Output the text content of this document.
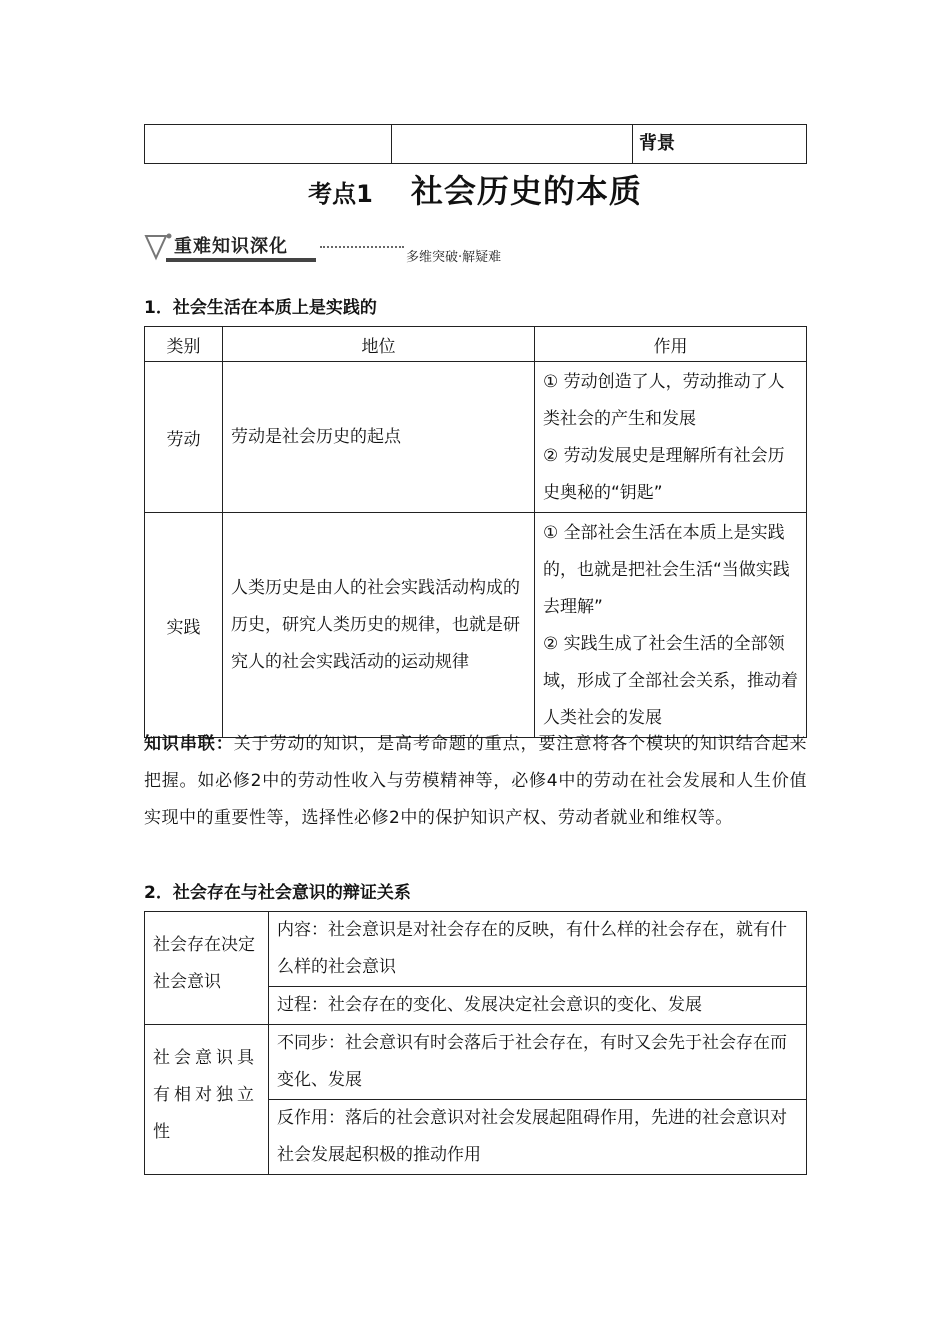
		背景
考点1 社会历史的本质
重难知识深化
多维突破·解疑难
1．社会生活在本质上是实践的
类别	地位	作用
劳动	劳动是社会历史的起点	① 劳动创造了人，劳动推动了人类社会的产生和发展
② 劳动发展史是理解所有社会历史奥秘的“钥匙”

实践	人类历史是由人的社会实践活动构成的历史，研究人类历史的规律，也就是研究人的社会实践活动的运动规律	① 全部社会生活在本质上是实践的，也就是把社会生活“当做实践去理解”
② 实践生成了社会生活的全部领域，形成了全部社会关系，推动着人类社会的发展
知识串联：关于劳动的知识，是高考命题的重点，要注意将各个模块的知识结合起来把握。如必修2中的劳动性收入与劳模精神等，必修4中的劳动在社会发展和人生价值实现中的重要性等，选择性必修2中的保护知识产权、劳动者就业和维权等。
2．社会存在与社会意识的辩证关系
社会存在决定社会意识	内容：社会意识是对社会存在的反映，有什么样的社会存在，就有什么样的社会意识
	过程：社会存在的变化、发展决定社会意识的变化、发展
社会意识具有相对独立性	不同步：社会意识有时会落后于社会存在，有时又会先于社会存在而变化、发展
	反作用：落后的社会意识对社会发展起阻碍作用，先进的社会意识对社会发展起积极的推动作用
